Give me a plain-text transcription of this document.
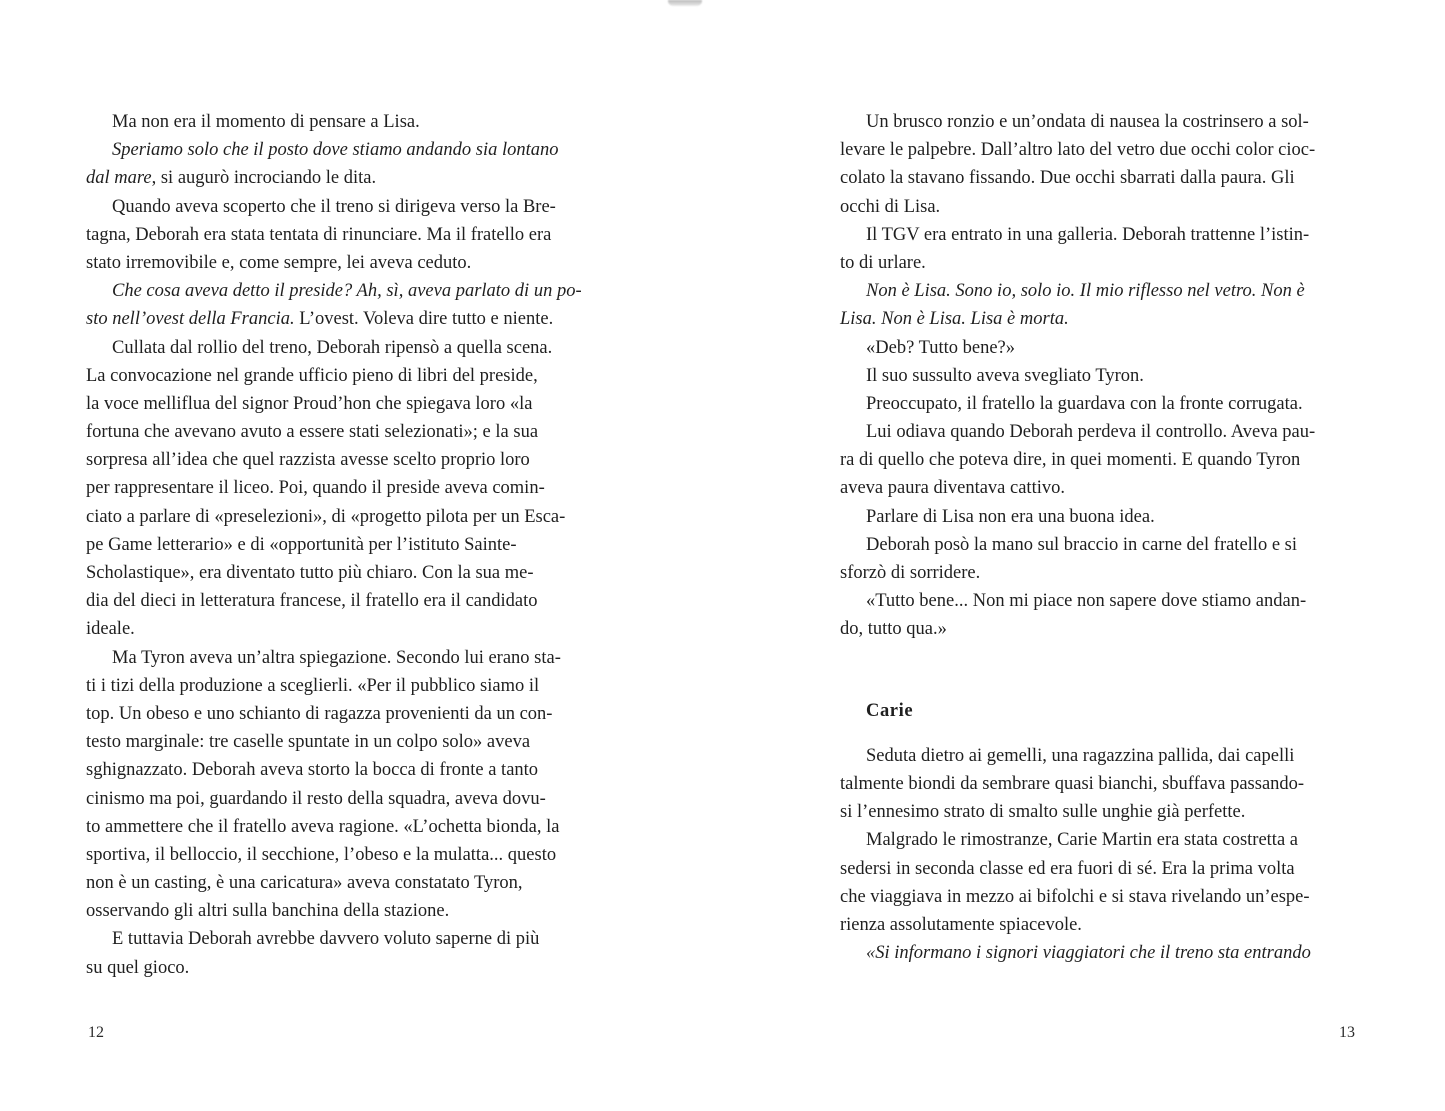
Ma non era il momento di pensare a Lisa.
Speriamo solo che il posto dove stiamo andando sia lontano
dal mare, si augurò incrociando le dita.
Quando aveva scoperto che il treno si dirigeva verso la Bre-
tagna, Deborah era stata tentata di rinunciare. Ma il fratello era
stato irremovibile e, come sempre, lei aveva ceduto.
Che cosa aveva detto il preside? Ah, sì, aveva parlato di un po-
sto nell’ovest della Francia. L’ovest. Voleva dire tutto e niente.
Cullata dal rollio del treno, Deborah ripensò a quella scena.
La convocazione nel grande ufficio pieno di libri del preside,
la voce melliflua del signor Proud’hon che spiegava loro «la
fortuna che avevano avuto a essere stati selezionati»; e la sua
sorpresa all’idea che quel razzista avesse scelto proprio loro
per rappresentare il liceo. Poi, quando il preside aveva comin-
ciato a parlare di «preselezioni», di «progetto pilota per un Esca-
pe Game letterario» e di «opportunità per l’istituto Sainte-
Scholastique», era diventato tutto più chiaro. Con la sua me-
dia del dieci in letteratura francese, il fratello era il candidato
ideale.
Ma Tyron aveva un’altra spiegazione. Secondo lui erano sta-
ti i tizi della produzione a sceglierli. «Per il pubblico siamo il
top. Un obeso e uno schianto di ragazza provenienti da un con-
testo marginale: tre caselle spuntate in un colpo solo» aveva
sghignazzato. Deborah aveva storto la bocca di fronte a tanto
cinismo ma poi, guardando il resto della squadra, aveva dovu-
to ammettere che il fratello aveva ragione. «L’ochetta bionda, la
sportiva, il belloccio, il secchione, l’obeso e la mulatta... questo
non è un casting, è una caricatura» aveva constatato Tyron,
osservando gli altri sulla banchina della stazione.
E tuttavia Deborah avrebbe davvero voluto saperne di più
su quel gioco.
Un brusco ronzio e un’ondata di nausea la costrinsero a sol-
levare le palpebre. Dall’altro lato del vetro due occhi color cioc-
colato la stavano fissando. Due occhi sbarrati dalla paura. Gli
occhi di Lisa.
Il TGV era entrato in una galleria. Deborah trattenne l’istin-
to di urlare.
Non è Lisa. Sono io, solo io. Il mio riflesso nel vetro. Non è
Lisa. Non è Lisa. Lisa è morta.
«Deb? Tutto bene?»
Il suo sussulto aveva svegliato Tyron.
Preoccupato, il fratello la guardava con la fronte corrugata.
Lui odiava quando Deborah perdeva il controllo. Aveva pau-
ra di quello che poteva dire, in quei momenti. E quando Tyron
aveva paura diventava cattivo.
Parlare di Lisa non era una buona idea.
Deborah posò la mano sul braccio in carne del fratello e si
sforzò di sorridere.
«Tutto bene... Non mi piace non sapere dove stiamo andan-
do, tutto qua.»
Carie
Seduta dietro ai gemelli, una ragazzina pallida, dai capelli
talmente biondi da sembrare quasi bianchi, sbuffava passando-
si l’ennesimo strato di smalto sulle unghie già perfette.
Malgrado le rimostranze, Carie Martin era stata costretta a
sedersi in seconda classe ed era fuori di sé. Era la prima volta
che viaggiava in mezzo ai bifolchi e si stava rivelando un’espe-
rienza assolutamente spiacevole.
«Si informano i signori viaggiatori che il treno sta entrando
12	13
